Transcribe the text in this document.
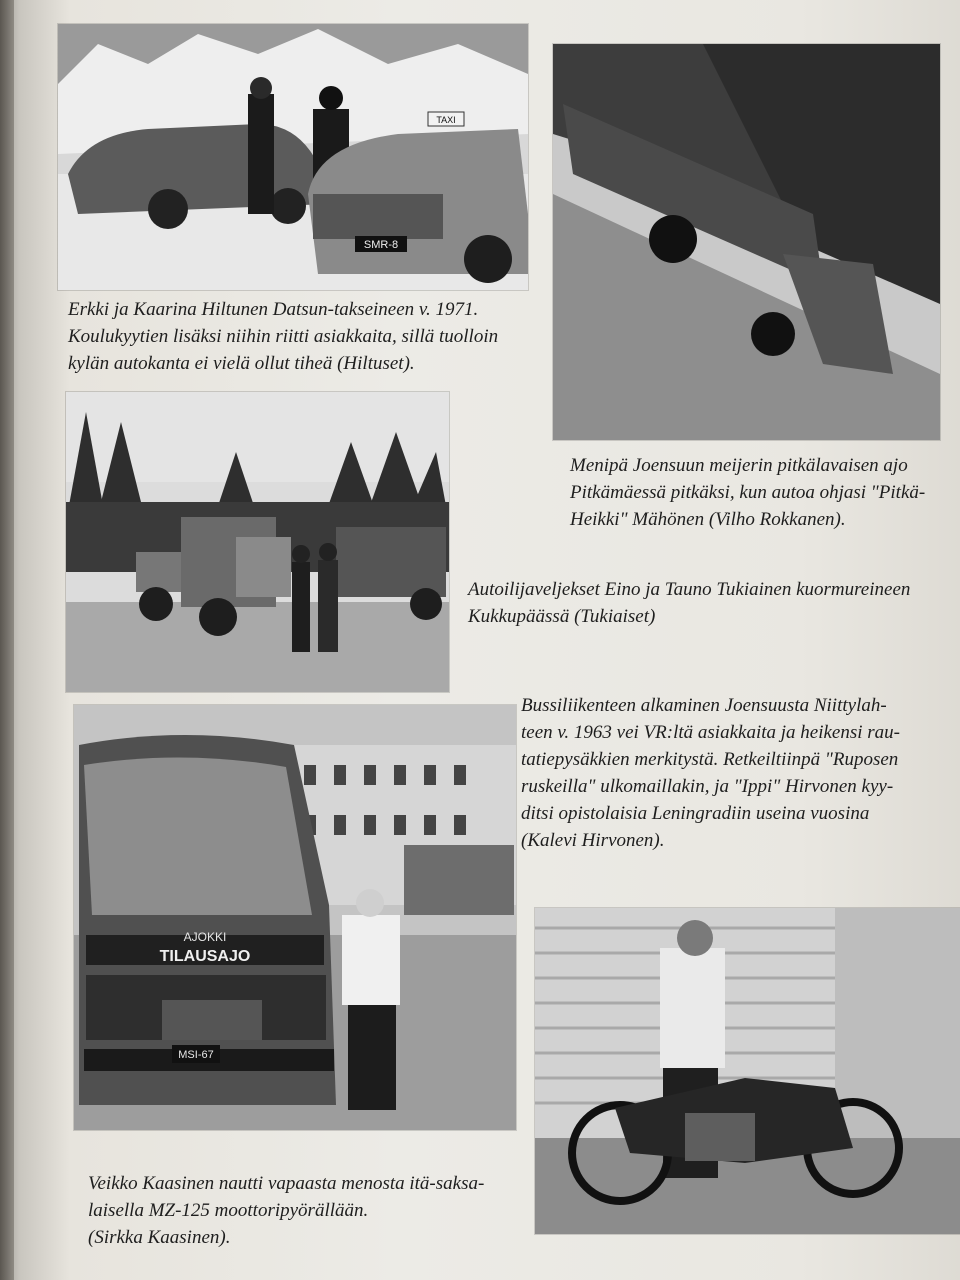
TAXI
SMR-8

Erkki ja Kaarina Hiltunen Datsun-takseineen v. 1971.
Koulukyytien lisäksi niihin riitti asiakkaita, sillä tuolloin
kylän autokanta ei vielä ollut tiheä (Hiltuset).

Menipä Joensuun meijerin pitkälavaisen ajo
Pitkämäessä pitkäksi, kun autoa ohjasi "Pitkä-
Heikki" Mähönen (Vilho Rokkanen).

Autoilijaveljekset Eino ja Tauno Tukiainen kuormureineen
Kukkupäässä (Tukiaiset)

AJOKKI
TILAUSAJO
MSI-67

Bussiliikenteen alkaminen Joensuusta Niittylah-
teen v. 1963 vei VR:ltä asiakkaita ja heikensi rau-
tatiepysäkkien merkitystä. Retkeiltiinpä "Ruposen
ruskeilla" ulkomaillakin, ja "Ippi" Hirvonen kyy-
ditsi opistolaisia Leningradiin useina vuosina
(Kalevi Hirvonen).

Veikko Kaasinen nautti vapaasta menosta itä-saksa-
laisella MZ-125 moottoripyörällään.
(Sirkka Kaasinen).
